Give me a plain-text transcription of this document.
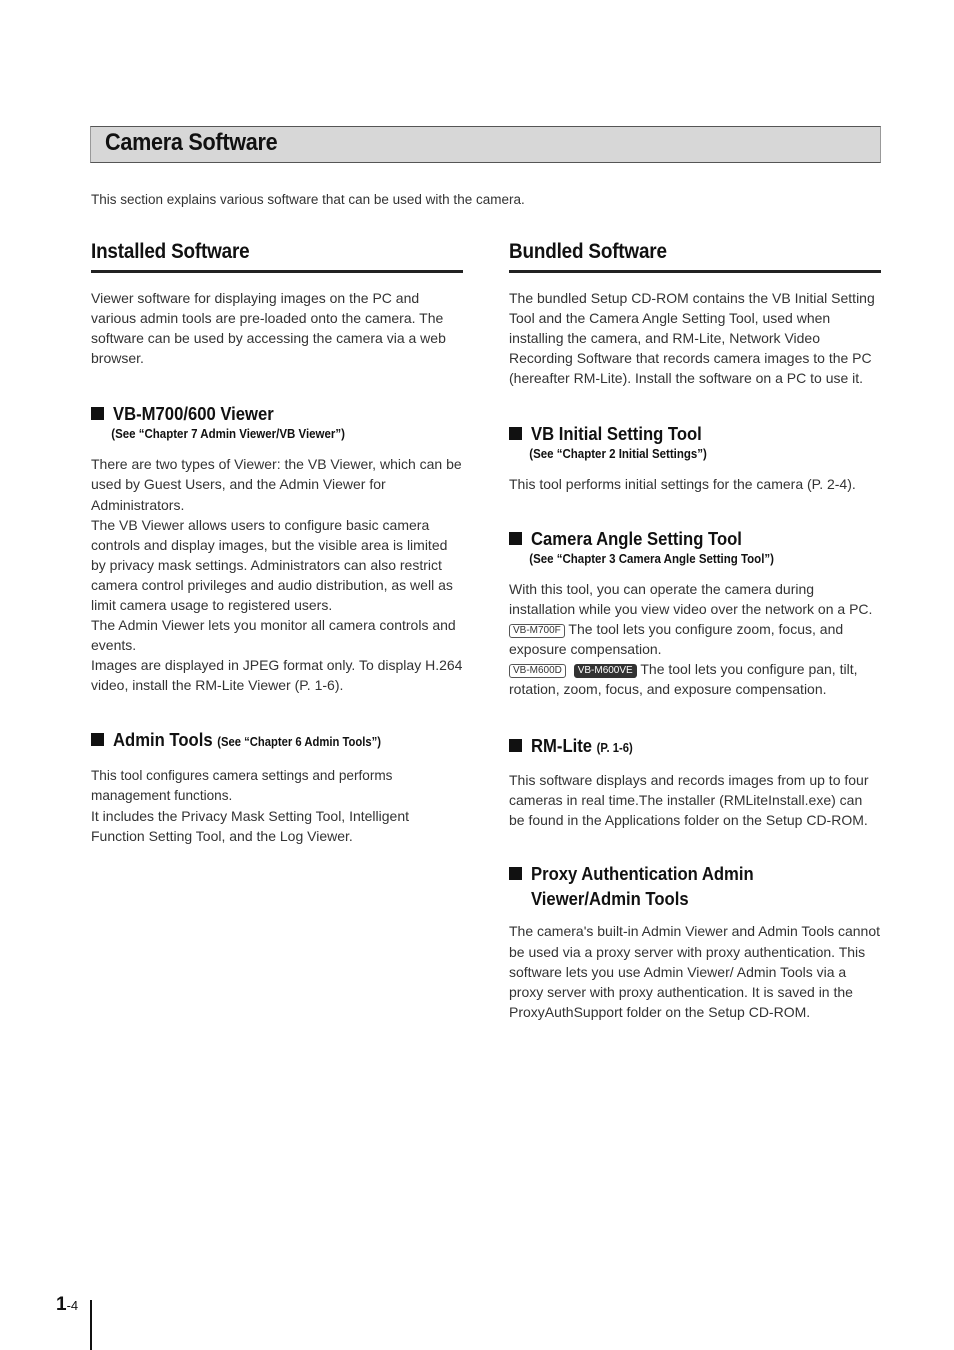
Camera Software
This section explains various software that can be used with the camera.
Installed Software

Viewer software for displaying images on the PC and various admin tools are pre-loaded onto the camera. The software can be used by accessing the camera via a web browser.

VB-M700/600 Viewer

(See “Chapter 7 Admin Viewer/VB Viewer”)

There are two types of Viewer: the VB Viewer, which can be used by Guest Users, and the Admin Viewer for Administrators.

The VB Viewer allows users to configure basic camera controls and display images, but the visible area is limited by privacy mask settings. Administrators can also restrict camera control privileges and audio distribution, as well as limit camera usage to registered users.

The Admin Viewer lets you monitor all camera controls and events.

Images are displayed in JPEG format only. To display H.264 video, install the RM-Lite Viewer (P. 1-6).

Admin Tools (See “Chapter 6 Admin Tools”)

This tool configures camera settings and performs management functions.

It includes the Privacy Mask Setting Tool, Intelligent Function Setting Tool, and the Log Viewer.

Bundled Software

The bundled Setup CD-ROM contains the VB Initial Setting Tool and the Camera Angle Setting Tool, used when installing the camera, and RM-Lite, Network Video Recording Software that records camera images to the PC (hereafter RM-Lite). Install the software on a PC to use it.

VB Initial Setting Tool

(See “Chapter 2 Initial Settings”)

This tool performs initial settings for the camera (P. 2-4).

Camera Angle Setting Tool

(See “Chapter 3 Camera Angle Setting Tool”)

With this tool, you can operate the camera during installation while you view video over the network on a PC.

VB-M700F The tool lets you configure zoom, focus, and exposure compensation.

VB-M600D VB-M600VE The tool lets you configure pan, tilt, rotation, zoom, focus, and exposure compensation.

RM-Lite (P. 1-6)

This software displays and records images from up to four cameras in real time.The installer (RMLiteInstall.exe) can be found in the Applications folder on the Setup CD-ROM.

Proxy Authentication Admin Viewer/Admin Tools

The camera's built-in Admin Viewer and Admin Tools cannot be used via a proxy server with proxy authentication. This software lets you use Admin Viewer/ Admin Tools via a proxy server with proxy authentication. It is saved in the ProxyAuthSupport folder on the Setup CD-ROM.

1-4
